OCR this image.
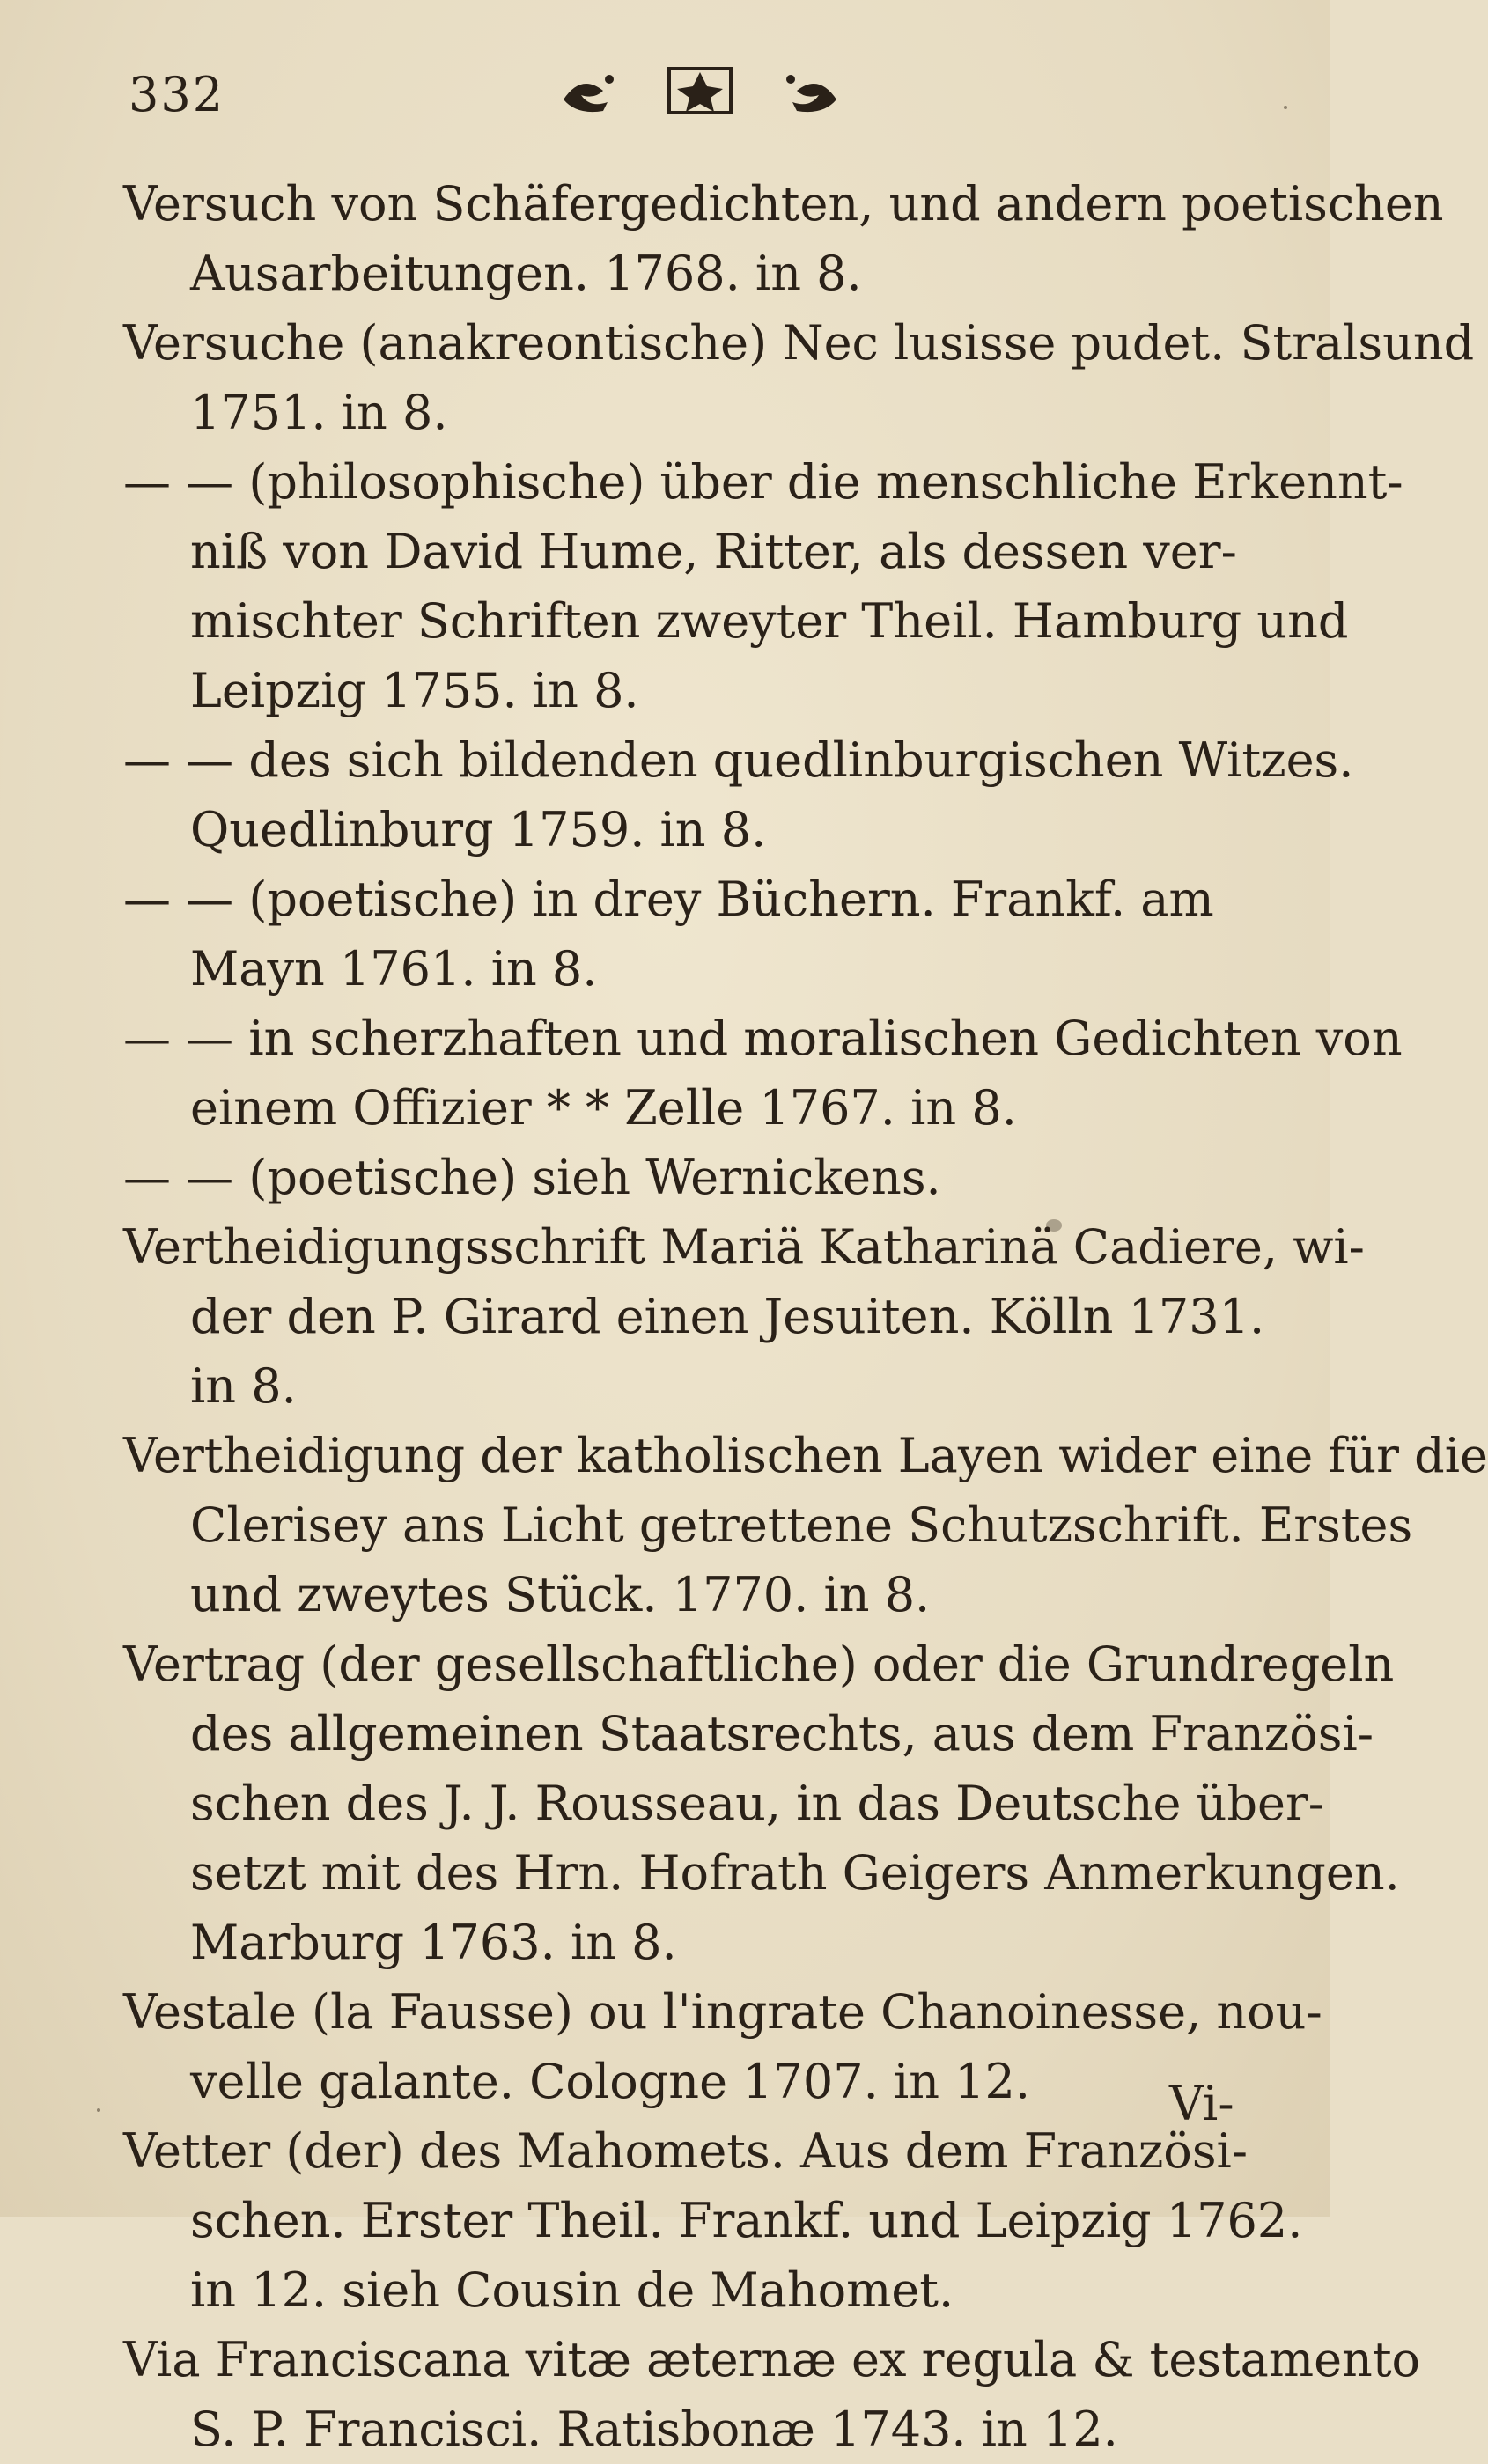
332

Versuch von Schäfergedichten, und andern poetischen
Ausarbeitungen. 1768. in 8.

Versuche (anakreontische) Nec lusisse pudet. Stralsund
1751. in 8.

— — (philosophische) über die menschliche Erkennt-
niß von David Hume, Ritter, als dessen ver-
mischter Schriften zweyter Theil. Hamburg und
Leipzig 1755. in 8.

— — des sich bildenden quedlinburgischen Witzes.
Quedlinburg 1759. in 8.

— — (poetische) in drey Büchern. Frankf. am
Mayn 1761. in 8.

— — in scherzhaften und moralischen Gedichten von
einem Offizier * * Zelle 1767. in 8.

— — (poetische) sieh Wernickens.

Vertheidigungsschrift Mariä Katharinä Cadiere, wi-
der den P. Girard einen Jesuiten. Kölln 1731.
in 8.

Vertheidigung der katholischen Layen wider eine für die
Clerisey ans Licht getrettene Schutzschrift. Erstes
und zweytes Stück. 1770. in 8.

Vertrag (der gesellschaftliche) oder die Grundregeln
des allgemeinen Staatsrechts, aus dem Französi-
schen des J. J. Rousseau, in das Deutsche über-
setzt mit des Hrn. Hofrath Geigers Anmerkungen.
Marburg 1763. in 8.

Vestale (la Fausse) ou l'ingrate Chanoinesse, nou-
velle galante. Cologne 1707. in 12.

Vetter (der) des Mahomets. Aus dem Französi-
schen. Erster Theil. Frankf. und Leipzig 1762.
in 12. sieh Cousin de Mahomet.

Via Franciscana vitæ æternæ ex regula & testamento
S. P. Francisci. Ratisbonæ 1743. in 12.

Vi-
